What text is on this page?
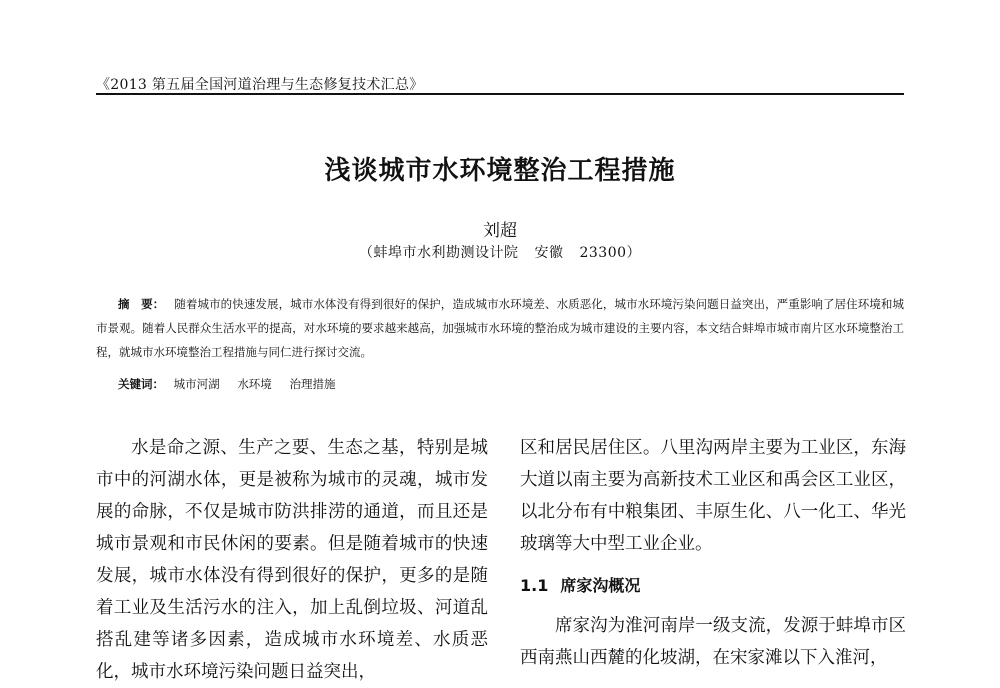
《2013 第五届全国河道治理与生态修复技术汇总》
浅谈城市水环境整治工程措施
刘超
（蚌埠市水利勘测设计院 安徽 23300）
摘　要： 随着城市的快速发展，城市水体没有得到很好的保护，造成城市水环境差、水质恶化，城市水环境污染问题日益突出，严重影响了居住环境和城市景观。随着人民群众生活水平的提高，对水环境的要求越来越高，加强城市水环境的整治成为城市建设的主要内容，本文结合蚌埠市城市南片区水环境整治工程，就城市水环境整治工程措施与同仁进行探讨交流。
关键词： 城市河湖 水环境 治理措施

水是命之源、生产之要、生态之基，特别是城市中的河湖水体，更是被称为城市的灵魂，城市发展的命脉，不仅是城市防洪排涝的通道，而且还是城市景观和市民休闲的要素。但是随着城市的快速发展，城市水体没有得到很好的保护，更多的是随着工业及生活污水的注入，加上乱倒垃圾、河道乱搭乱建等诸多因素，造成城市水环境差、水质恶化，城市水环境污染问题日益突出，

区和居民居住区。八里沟两岸主要为工业区，东海大道以南主要为高新技术工业区和禹会区工业区，以北分布有中粮集团、丰原生化、八一化工、华光玻璃等大中型工业企业。

1.1 席家沟概况

席家沟为淮河南岸一级支流，发源于蚌埠市区西南燕山西麓的化坡湖，在宋家滩以下入淮河，
